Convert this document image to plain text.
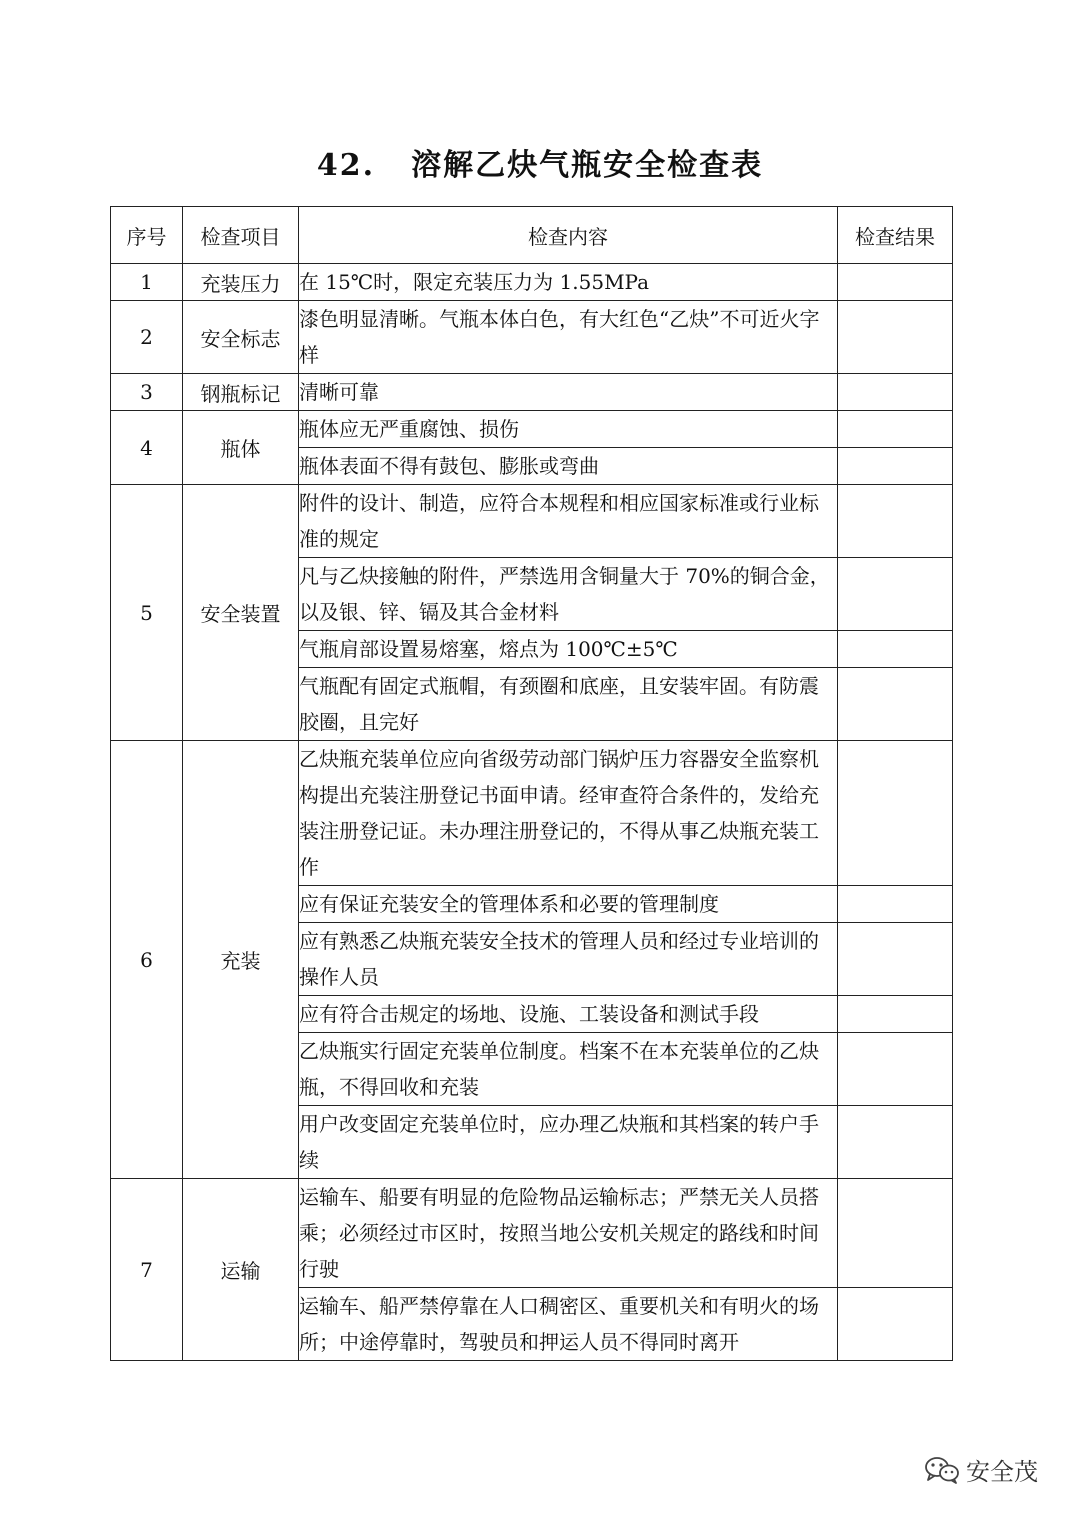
42. 溶解乙炔气瓶安全检查表
序号	检查项目	检查内容	检查结果
1	充装压力	在 15℃时，限定充装压力为 1.55MPa	
2	安全标志	漆色明显清晰。气瓶本体白色，有大红色“乙炔”不可近火字样	
3	钢瓶标记	清晰可靠	
4	瓶体	瓶体应无严重腐蚀、损伤	
		瓶体表面不得有鼓包、膨胀或弯曲	
5	安全装置	附件的设计、制造，应符合本规程和相应国家标准或行业标准的规定	
		凡与乙炔接触的附件，严禁选用含铜量大于 70%的铜合金，以及银、锌、镉及其合金材料	
		气瓶肩部设置易熔塞，熔点为 100℃±5℃	
		气瓶配有固定式瓶帽，有颈圈和底座，且安装牢固。有防震胶圈，且完好	
6	充装	乙炔瓶充装单位应向省级劳动部门锅炉压力容器安全监察机构提出充装注册登记书面申请。经审查符合条件的，发给充装注册登记证。未办理注册登记的，不得从事乙炔瓶充装工作	
		应有保证充装安全的管理体系和必要的管理制度	
		应有熟悉乙炔瓶充装安全技术的管理人员和经过专业培训的操作人员	
		应有符合击规定的场地、设施、工装设备和测试手段	
		乙炔瓶实行固定充装单位制度。档案不在本充装单位的乙炔瓶，不得回收和充装	
		用户改变固定充装单位时，应办理乙炔瓶和其档案的转户手续	
7	运输	运输车、船要有明显的危险物品运输标志；严禁无关人员搭乘；必须经过市区时，按照当地公安机关规定的路线和时间行驶	
		运输车、船严禁停靠在人口稠密区、重要机关和有明火的场所；中途停靠时，驾驶员和押运人员不得同时离开	
安全茂
